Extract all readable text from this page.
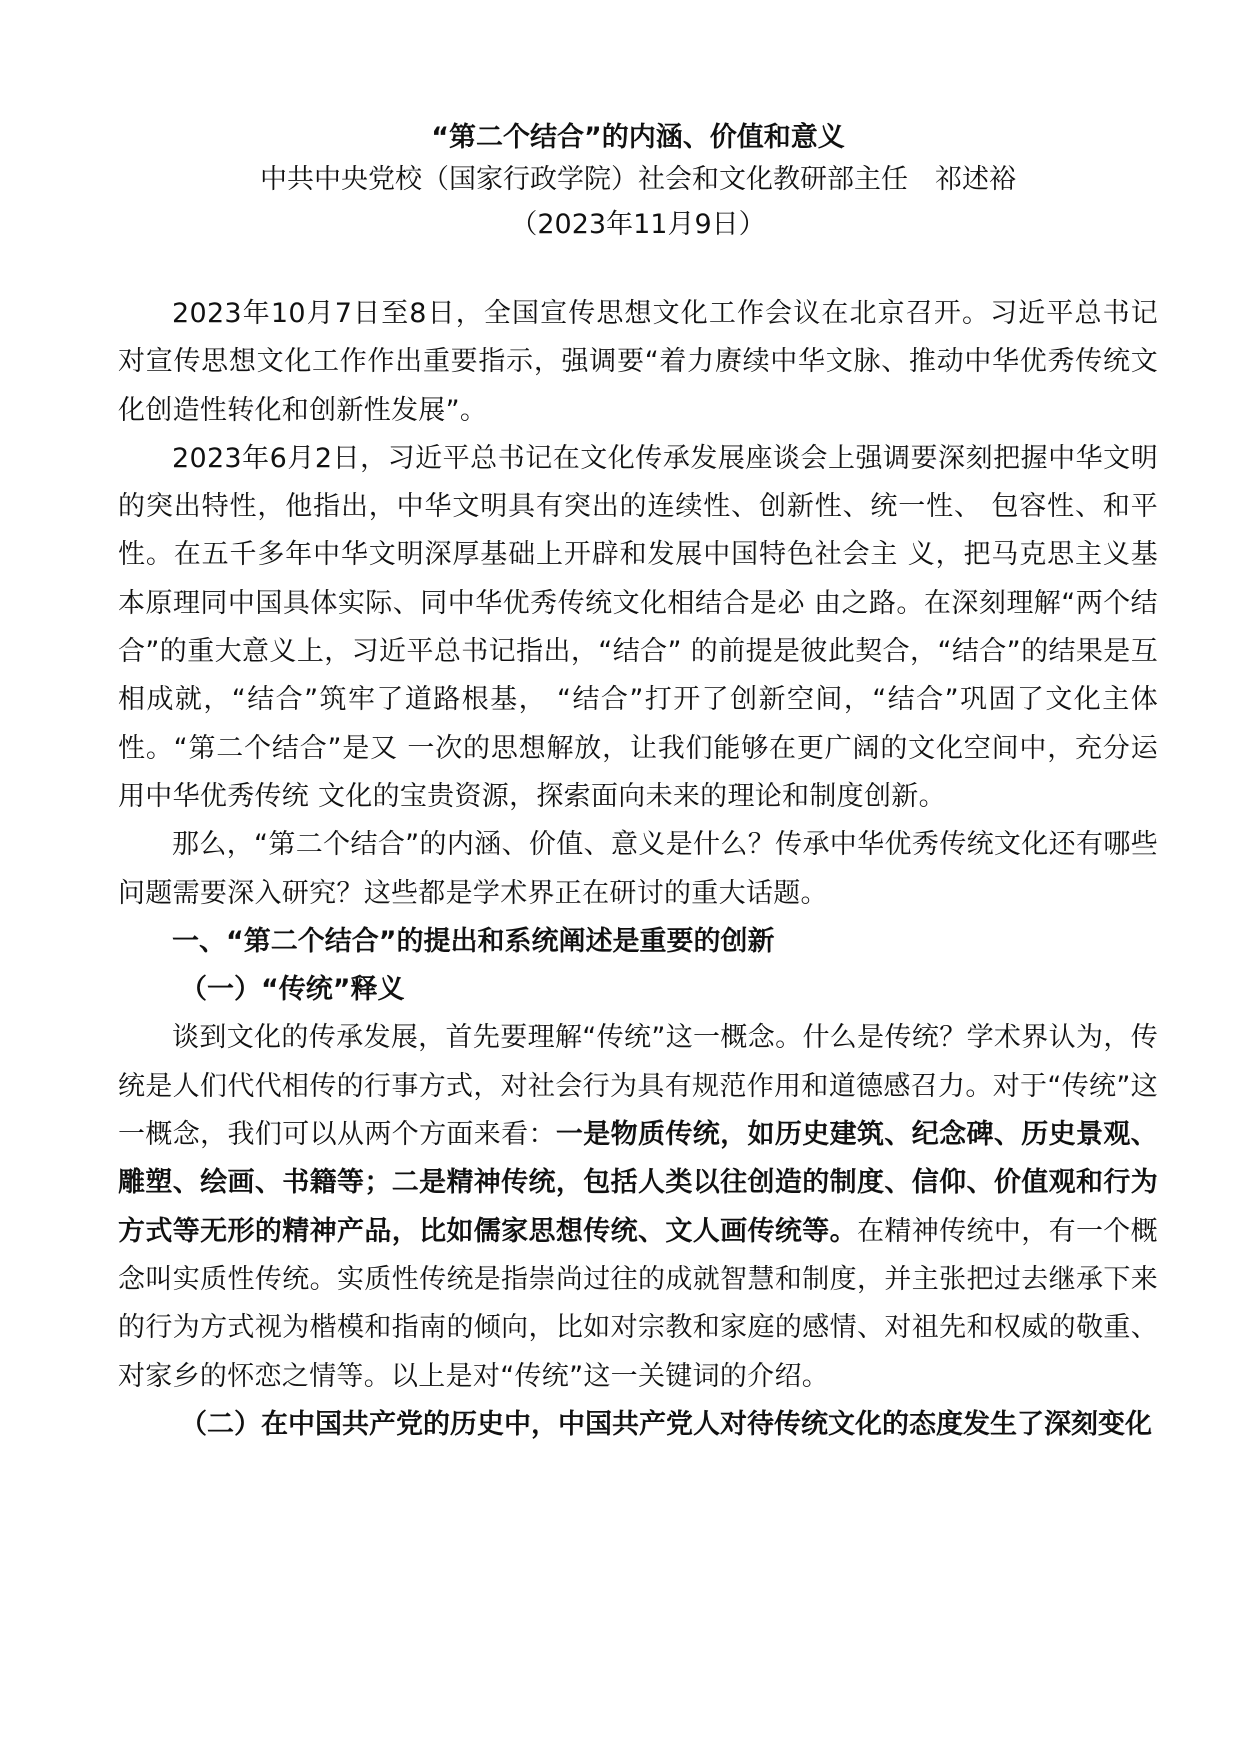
“第二个结合”的内涵、价值和意义
中共中央党校（国家行政学院）社会和文化教研部主任　祁述裕
（2023年11月9日）

2023年10月7日至8日，全国宣传思想文化工作会议在北京召开。习近平总书记对宣传思想文化工作作出重要指示，强调要“着力赓续中华文脉、推动中华优秀传统文化创造性转化和创新性发展”。

2023年6月2日，习近平总书记在文化传承发展座谈会上强调要深刻把握中华文明的突出特性，他指出，中华文明具有突出的连续性、创新性、统一性、 包容性、和平性。在五千多年中华文明深厚基础上开辟和发展中国特色社会主 义，把马克思主义基本原理同中国具体实际、同中华优秀传统文化相结合是必 由之路。在深刻理解“两个结合”的重大意义上，习近平总书记指出，“结合” 的前提是彼此契合，“结合”的结果是互相成就，“结合”筑牢了道路根基， “结合”打开了创新空间，“结合”巩固了文化主体性。“第二个结合”是又 一次的思想解放，让我们能够在更广阔的文化空间中，充分运用中华优秀传统 文化的宝贵资源，探索面向未来的理论和制度创新。

那么，“第二个结合”的内涵、价值、意义是什么？传承中华优秀传统文化还有哪些问题需要深入研究？这些都是学术界正在研讨的重大话题。

一、“第二个结合”的提出和系统阐述是重要的创新

（一）“传统”释义

谈到文化的传承发展，首先要理解“传统”这一概念。什么是传统？学术界认为，传统是人们代代相传的行事方式，对社会行为具有规范作用和道德感召力。对于“传统”这一概念，我们可以从两个方面来看：一是物质传统，如历史建筑、纪念碑、历史景观、雕塑、绘画、书籍等；二是精神传统，包括人类以往创造的制度、信仰、价值观和行为方式等无形的精神产品，比如儒家思想传统、文人画传统等。在精神传统中，有一个概念叫实质性传统。实质性传统是指崇尚过往的成就智慧和制度，并主张把过去继承下来的行为方式视为楷模和指南的倾向，比如对宗教和家庭的感情、对祖先和权威的敬重、对家乡的怀恋之情等。以上是对“传统”这一关键词的介绍。

（二）在中国共产党的历史中，中国共产党人对待传统文化的态度发生了深刻变化
